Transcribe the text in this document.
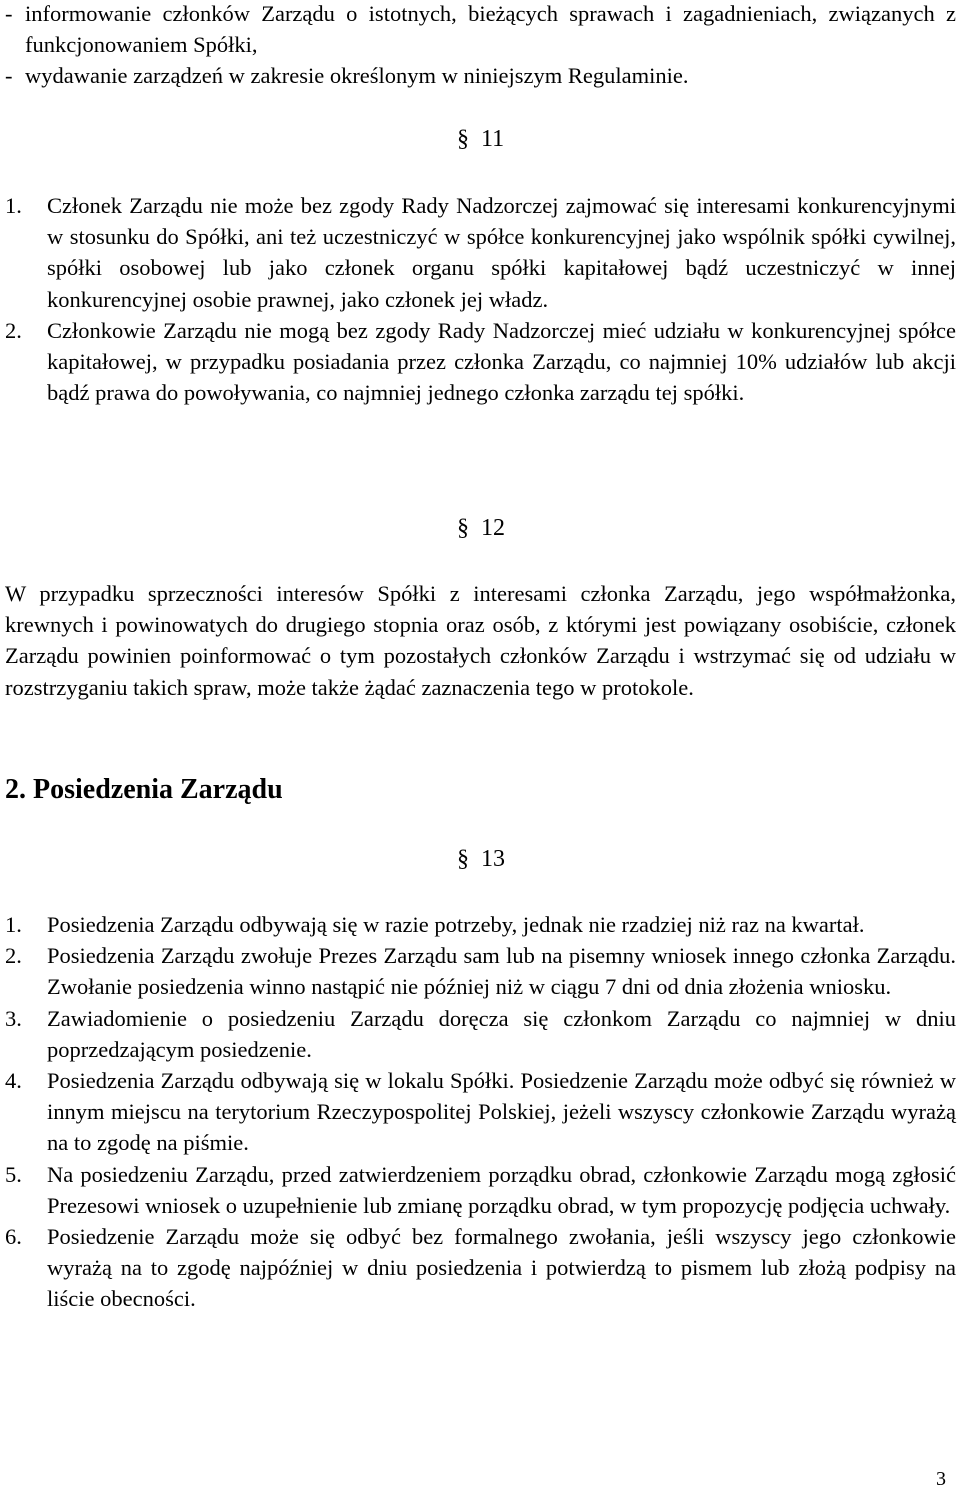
- informowanie członków Zarządu o istotnych, bieżących sprawach i zagadnieniach, związanych z funkcjonowaniem Spółki,
- wydawanie zarządzeń w zakresie określonym w niniejszym Regulaminie.
§ 11
1.	Członek Zarządu nie może bez zgody Rady Nadzorczej zajmować się interesami konkurencyjnymi w stosunku do Spółki, ani też uczestniczyć w spółce konkurencyjnej jako wspólnik spółki cywilnej, spółki osobowej lub jako członek organu spółki kapitałowej bądź uczestniczyć w innej konkurencyjnej osobie prawnej, jako członek jej władz.
2.	Członkowie Zarządu nie mogą bez zgody Rady Nadzorczej mieć udziału w konkurencyjnej spółce kapitałowej, w przypadku posiadania przez członka Zarządu, co najmniej 10% udziałów lub akcji bądź prawa do powoływania, co najmniej jednego członka zarządu tej spółki.
§ 12
W przypadku sprzeczności interesów Spółki z interesami członka Zarządu, jego współmałżonka, krewnych i powinowatych do drugiego stopnia oraz osób, z którymi jest powiązany osobiście, członek Zarządu powinien poinformować o tym pozostałych członków Zarządu i wstrzymać się od udziału w rozstrzyganiu takich spraw, może także żądać zaznaczenia tego w protokole.
2. Posiedzenia Zarządu
§ 13
1.	Posiedzenia Zarządu odbywają się w razie potrzeby, jednak nie rzadziej niż raz na kwartał.
2.	Posiedzenia Zarządu zwołuje Prezes Zarządu sam lub na pisemny wniosek innego członka Zarządu. Zwołanie posiedzenia winno nastąpić nie później niż w ciągu 7 dni od dnia złożenia wniosku.
3.	Zawiadomienie o posiedzeniu Zarządu doręcza się członkom Zarządu co najmniej w dniu poprzedzającym posiedzenie.
4.	Posiedzenia Zarządu odbywają się w lokalu Spółki. Posiedzenie Zarządu może odbyć się również w innym miejscu na terytorium Rzeczypospolitej Polskiej, jeżeli wszyscy członkowie Zarządu wyrażą na to zgodę na piśmie.
5.	Na posiedzeniu Zarządu, przed zatwierdzeniem porządku obrad, członkowie Zarządu mogą zgłosić Prezesowi wniosek o uzupełnienie lub zmianę porządku obrad, w tym propozycję podjęcia uchwały.
6.	Posiedzenie Zarządu może się odbyć bez formalnego zwołania, jeśli wszyscy jego członkowie wyrażą na to zgodę najpóźniej w dniu posiedzenia i potwierdzą to pismem lub złożą podpisy na liście obecności.
3
